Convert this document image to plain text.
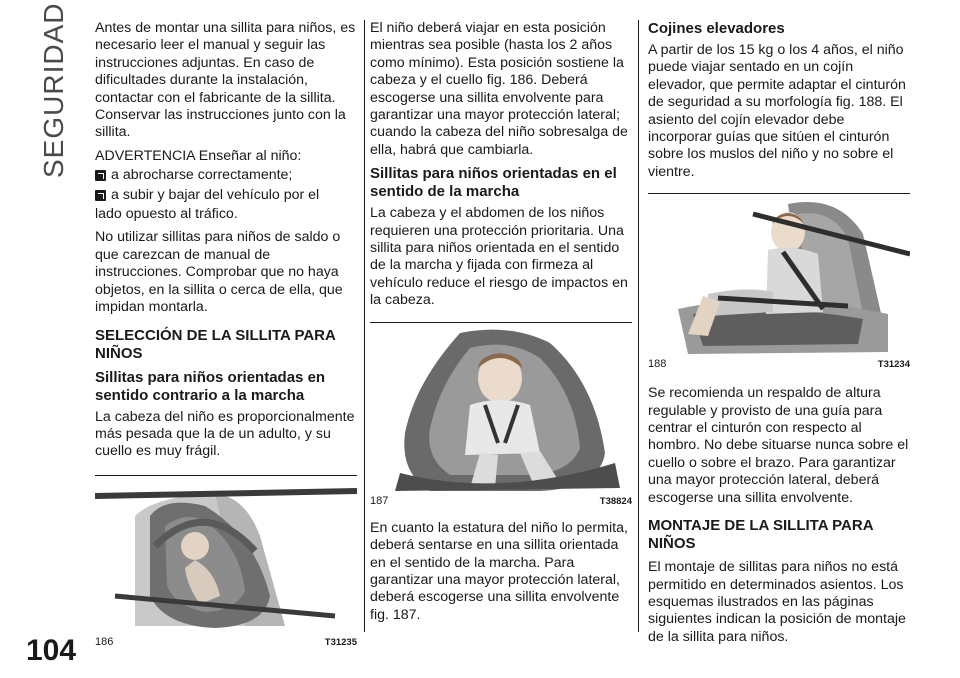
SEGURIDAD
104

Antes de montar una sillita para niños, es necesario leer el manual y seguir las instrucciones adjuntas. En caso de dificultades durante la instalación, contactar con el fabricante de la sillita. Conservar las instrucciones junto con la sillita.

ADVERTENCIA Enseñar al niño:

a abrocharse correctamente;
a subir y bajar del vehículo por el

lado opuesto al tráfico.

No utilizar sillitas para niños de saldo o que carezcan de manual de instrucciones. Comprobar que no haya objetos, en la sillita o cerca de ella, que impidan montarla.

SELECCIÓN DE LA SILLITA PARA NIÑOS
Sillitas para niños orientadas en sentido contrario a la marcha

La cabeza del niño es proporcionalmente más pesada que la de un adulto, y su cuello es muy frágil.

186	T31235

El niño deberá viajar en esta posición mientras sea posible (hasta los 2 años como mínimo). Esta posición sostiene la cabeza y el cuello fig. 186. Deberá escogerse una sillita envolvente para garantizar una mayor protección lateral; cuando la cabeza del niño sobresalga de ella, habrá que cambiarla.

Sillitas para niños orientadas en el sentido de la marcha

La cabeza y el abdomen de los niños requieren una protección prioritaria. Una sillita para niños orientada en el sentido de la marcha y fijada con firmeza al vehículo reduce el riesgo de impactos en la cabeza.

187	T38824

En cuanto la estatura del niño lo permita, deberá sentarse en una sillita orientada en el sentido de la marcha. Para garantizar una mayor protección lateral, deberá escogerse una sillita envolvente fig. 187.

Cojines elevadores

A partir de los 15 kg o los 4 años, el niño puede viajar sentado en un cojín elevador, que permite adaptar el cinturón de seguridad a su morfología fig. 188. El asiento del cojín elevador debe incorporar guías que sitúen el cinturón sobre los muslos del niño y no sobre el vientre.

188	T31234

Se recomienda un respaldo de altura regulable y provisto de una guía para centrar el cinturón con respecto al hombro. No debe situarse nunca sobre el cuello o sobre el brazo. Para garantizar una mayor protección lateral, deberá escogerse una sillita envolvente.

MONTAJE DE LA SILLITA PARA NIÑOS

El montaje de sillitas para niños no está permitido en determinados asientos. Los esquemas ilustrados en las páginas siguientes indican la posición de montaje de la sillita para niños.
